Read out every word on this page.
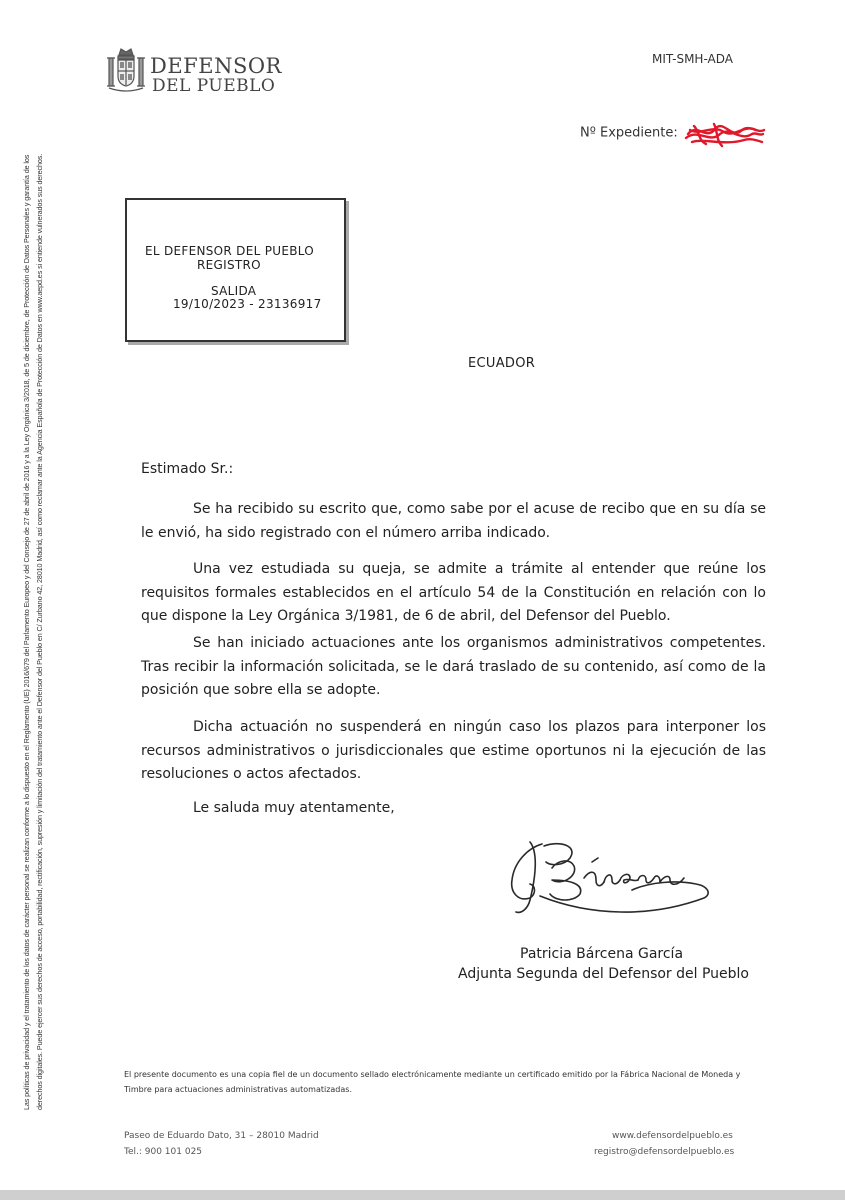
DEFENSOR
DEL PUEBLO
MIT-SMH-ADA
Nº Expediente:
Las políticas de privacidad y el tratamiento de los datos de carácter personal se realizan conforme a lo dispuesto en el Reglamento (UE) 2016/679 del Parlamento Europeo y del Consejo de 27 de abril de 2016 y a la Ley Orgánica 3/2018, de 5 de diciembre, de Protección de Datos Personales y garantía de los derechos digitales. Puede ejercer sus derechos de acceso, portabilidad, rectificación, supresión y limitación del tratamiento ante el Defensor del Pueblo en C/ Zurbano 42, 28010 Madrid, así como reclamar ante la Agencia Española de Protección de Datos en www.aepd.es si entiende vulnerados sus derechos.	EL DEFENSOR DEL PUEBLO
REGISTRO
SALIDA
19/10/2023 - 23136917
ECUADOR
Estimado Sr.:

Se ha recibido su escrito que, como sabe por el acuse de recibo que en su día se le envió, ha sido registrado con el número arriba indicado.

Una vez estudiada su queja, se admite a trámite al entender que reúne los requisitos formales establecidos en el artículo 54 de la Constitución en relación con lo que dispone la Ley Orgánica 3/1981, de 6 de abril, del Defensor del Pueblo.

Se han iniciado actuaciones ante los organismos administrativos competentes. Tras recibir la información solicitada, se le dará traslado de su contenido, así como de la posición que sobre ella se adopte.

Dicha actuación no suspenderá en ningún caso los plazos para interponer los recursos administrativos o jurisdiccionales que estime oportunos ni la ejecución de las resoluciones o actos afectados.

Le saluda muy atentamente,
Patricia Bárcena García
Adjunta Segunda del Defensor del Pueblo
El presente documento es una copia fiel de un documento sellado electrónicamente mediante un certificado emitido por la Fábrica Nacional de Moneda y Timbre para actuaciones administrativas automatizadas.
Paseo de Eduardo Dato, 31 – 28010 Madrid
Tel.: 900 101 025
www.defensordelpueblo.es
registro@defensordelpueblo.es
